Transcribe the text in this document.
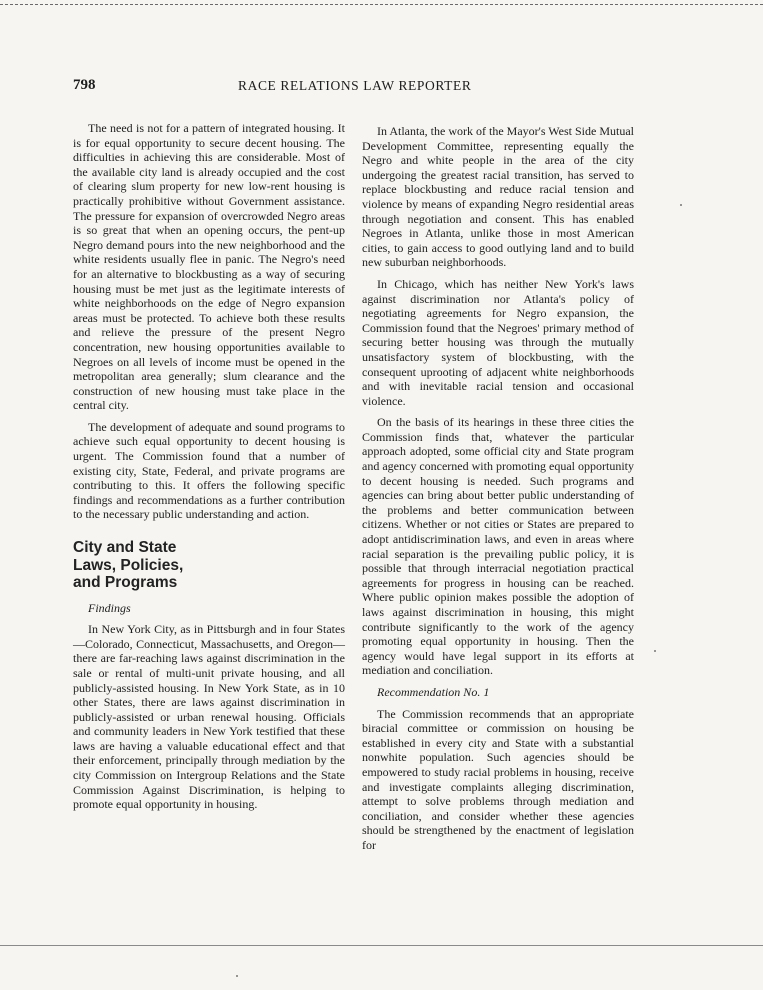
798	RACE RELATIONS LAW REPORTER

The need is not for a pattern of integrated housing. It is for equal opportunity to secure decent housing. The difficulties in achieving this are considerable. Most of the available city land is already occupied and the cost of clearing slum property for new low-rent housing is practically prohibitive without Government assistance. The pressure for expansion of overcrowded Negro areas is so great that when an opening occurs, the pent-up Negro demand pours into the new neighborhood and the white residents usually flee in panic. The Negro's need for an alternative to blockbusting as a way of securing housing must be met just as the legitimate interests of white neighborhoods on the edge of Negro expansion areas must be protected. To achieve both these results and relieve the pressure of the present Negro concentration, new housing opportunities available to Negroes on all levels of income must be opened in the metropolitan area generally; slum clearance and the construction of new housing must take place in the central city.

The development of adequate and sound programs to achieve such equal opportunity to decent housing is urgent. The Commission found that a number of existing city, State, Federal, and private programs are contributing to this. It offers the following specific findings and recommendations as a further contribution to the necessary public understanding and action.

City and State
Laws, Policies,
and Programs

Findings

In New York City, as in Pittsburgh and in four States—Colorado, Connecticut, Massachusetts, and Oregon—there are far-reaching laws against discrimination in the sale or rental of multi-unit private housing, and all publicly-assisted housing. In New York State, as in 10 other States, there are laws against discrimination in publicly-assisted or urban renewal housing. Officials and community leaders in New York testified that these laws are having a valuable educational effect and that their enforcement, principally through mediation by the city Commission on Intergroup Relations and the State Commission Against Discrimination, is helping to promote equal opportunity in housing.

In Atlanta, the work of the Mayor's West Side Mutual Development Committee, representing equally the Negro and white people in the area of the city undergoing the greatest racial transition, has served to replace blockbusting and reduce racial tension and violence by means of expanding Negro residential areas through negotiation and consent. This has enabled Negroes in Atlanta, unlike those in most American cities, to gain access to good outlying land and to build new suburban neighborhoods.

In Chicago, which has neither New York's laws against discrimination nor Atlanta's policy of negotiating agreements for Negro expansion, the Commission found that the Negroes' primary method of securing better housing was through the mutually unsatisfactory system of blockbusting, with the consequent uprooting of adjacent white neighborhoods and with inevitable racial tension and occasional violence.

On the basis of its hearings in these three cities the Commission finds that, whatever the particular approach adopted, some official city and State program and agency concerned with promoting equal opportunity to decent housing is needed. Such programs and agencies can bring about better public understanding of the problems and better communication between citizens. Whether or not cities or States are prepared to adopt antidiscrimination laws, and even in areas where racial separation is the prevailing public policy, it is possible that through interracial negotiation practical agreements for progress in housing can be reached. Where public opinion makes possible the adoption of laws against discrimination in housing, this might contribute significantly to the work of the agency promoting equal opportunity in housing. Then the agency would have legal support in its efforts at mediation and conciliation.

Recommendation No. 1

The Commission recommends that an appropriate biracial committee or commission on housing be established in every city and State with a substantial nonwhite population. Such agencies should be empowered to study racial problems in housing, receive and investigate complaints alleging discrimination, attempt to solve problems through mediation and conciliation, and consider whether these agencies should be strengthened by the enactment of legislation for
